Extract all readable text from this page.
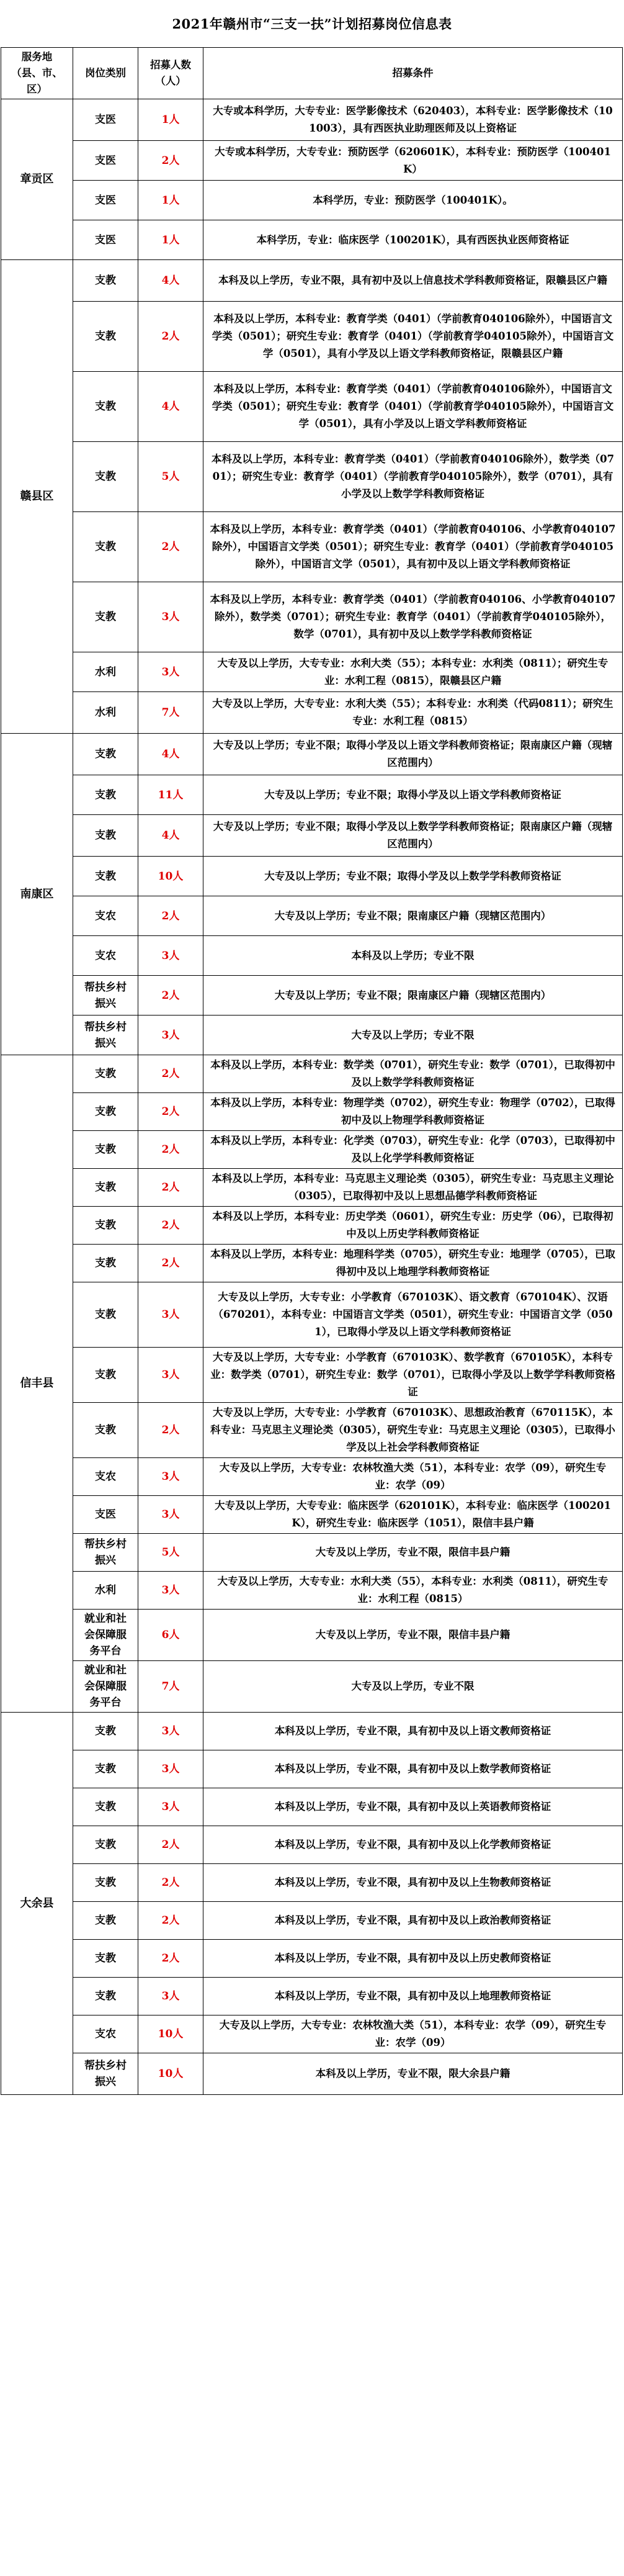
2021年赣州市“三支一扶”计划招募岗位信息表
服务地（县、市、区）	岗位类别	招募人数（人）	招募条件
章贡区	支医	1人	大专或本科学历，大专专业：医学影像技术（620403），本科专业：医学影像技术（101003），具有西医执业助理医师及以上资格证
	支医	2人	大专或本科学历，大专专业：预防医学（620601K），本科专业：预防医学（100401K）
	支医	1人	本科学历，专业：预防医学（100401K）。
	支医	1人	本科学历，专业：临床医学（100201K），具有西医执业医师资格证
赣县区	支教	4人	本科及以上学历，专业不限，具有初中及以上信息技术学科教师资格证，限赣县区户籍
	支教	2人	本科及以上学历，本科专业：教育学类（0401）（学前教育040106除外），中国语言文学类（0501）；研究生专业：教育学（0401）（学前教育学040105除外），中国语言文学（0501），具有小学及以上语文学科教师资格证，限赣县区户籍
	支教	4人	本科及以上学历，本科专业：教育学类（0401）（学前教育040106除外），中国语言文学类（0501）；研究生专业：教育学（0401）（学前教育学040105除外），中国语言文学（0501），具有小学及以上语文学科教师资格证
	支教	5人	本科及以上学历，本科专业：教育学类（0401）（学前教育040106除外），数学类（0701）；研究生专业：教育学（0401）（学前教育学040105除外），数学（0701），具有小学及以上数学学科教师资格证
	支教	2人	本科及以上学历，本科专业：教育学类（0401）（学前教育040106、小学教育040107除外），中国语言文学类（0501）；研究生专业：教育学（0401）（学前教育学040105除外），中国语言文学（0501），具有初中及以上语文学科教师资格证
	支教	3人	本科及以上学历，本科专业：教育学类（0401）（学前教育040106、小学教育040107除外），数学类（0701）；研究生专业：教育学（0401）（学前教育学040105除外），数学（0701），具有初中及以上数学学科教师资格证
	水利	3人	大专及以上学历，大专专业：水利大类（55）；本科专业：水利类（0811）；研究生专业：水利工程（0815），限赣县区户籍
	水利	7人	大专及以上学历，大专专业：水利大类（55）；本科专业：水利类（代码0811）；研究生专业：水利工程（0815）
南康区	支教	4人	大专及以上学历；专业不限；取得小学及以上语文学科教师资格证；限南康区户籍（现辖区范围内）
	支教	11人	大专及以上学历；专业不限；取得小学及以上语文学科教师资格证
	支教	4人	大专及以上学历；专业不限；取得小学及以上数学学科教师资格证；限南康区户籍（现辖区范围内）
	支教	10人	大专及以上学历；专业不限；取得小学及以上数学学科教师资格证
	支农	2人	大专及以上学历；专业不限；限南康区户籍（现辖区范围内）
	支农	3人	本科及以上学历；专业不限
	帮扶乡村振兴	2人	大专及以上学历；专业不限；限南康区户籍（现辖区范围内）
	帮扶乡村振兴	3人	大专及以上学历；专业不限
信丰县	支教	2人	本科及以上学历，本科专业：数学类（0701），研究生专业：数学（0701），已取得初中及以上数学学科教师资格证
	支教	2人	本科及以上学历，本科专业：物理学类（0702），研究生专业：物理学（0702），已取得初中及以上物理学科教师资格证
	支教	2人	本科及以上学历，本科专业：化学类（0703），研究生专业：化学（0703），已取得初中及以上化学学科教师资格证
	支教	2人	本科及以上学历，本科专业：马克思主义理论类（0305），研究生专业：马克思主义理论（0305），已取得初中及以上思想品德学科教师资格证
	支教	2人	本科及以上学历，本科专业：历史学类（0601），研究生专业：历史学（06），已取得初中及以上历史学科教师资格证
	支教	2人	本科及以上学历，本科专业：地理科学类（0705），研究生专业：地理学（0705），已取得初中及以上地理学科教师资格证
	支教	3人	大专及以上学历，大专专业：小学教育（670103K）、语文教育（670104K）、汉语（670201），本科专业：中国语言文学类（0501），研究生专业：中国语言文学（0501），已取得小学及以上语文学科教师资格证
	支教	3人	大专及以上学历，大专专业：小学教育（670103K）、数学教育（670105K），本科专业：数学类（0701），研究生专业：数学（0701），已取得小学及以上数学学科教师资格证
	支教	2人	大专及以上学历，大专专业：小学教育（670103K）、思想政治教育（670115K），本科专业：马克思主义理论类（0305），研究生专业：马克思主义理论（0305），已取得小学及以上社会学科教师资格证
	支农	3人	大专及以上学历，大专专业：农林牧渔大类（51），本科专业：农学（09），研究生专业：农学（09）
	支医	3人	大专及以上学历，大专专业：临床医学（620101K），本科专业：临床医学（100201K），研究生专业：临床医学（1051），限信丰县户籍
	帮扶乡村振兴	5人	大专及以上学历，专业不限，限信丰县户籍
	水利	3人	大专及以上学历，大专专业：水利大类（55），本科专业：水利类（0811），研究生专业：水利工程（0815）
	就业和社会保障服务平台	6人	大专及以上学历，专业不限，限信丰县户籍
	就业和社会保障服务平台	7人	大专及以上学历，专业不限
大余县	支教	3人	本科及以上学历，专业不限，具有初中及以上语文教师资格证
	支教	3人	本科及以上学历，专业不限，具有初中及以上数学教师资格证
	支教	3人	本科及以上学历，专业不限，具有初中及以上英语教师资格证
	支教	2人	本科及以上学历，专业不限，具有初中及以上化学教师资格证
	支教	2人	本科及以上学历，专业不限，具有初中及以上生物教师资格证
	支教	2人	本科及以上学历，专业不限，具有初中及以上政治教师资格证
	支教	2人	本科及以上学历，专业不限，具有初中及以上历史教师资格证
	支教	3人	本科及以上学历，专业不限，具有初中及以上地理教师资格证
	支农	10人	大专及以上学历，大专专业：农林牧渔大类（51），本科专业：农学（09），研究生专业：农学（09）
	帮扶乡村振兴	10人	本科及以上学历，专业不限，限大余县户籍
